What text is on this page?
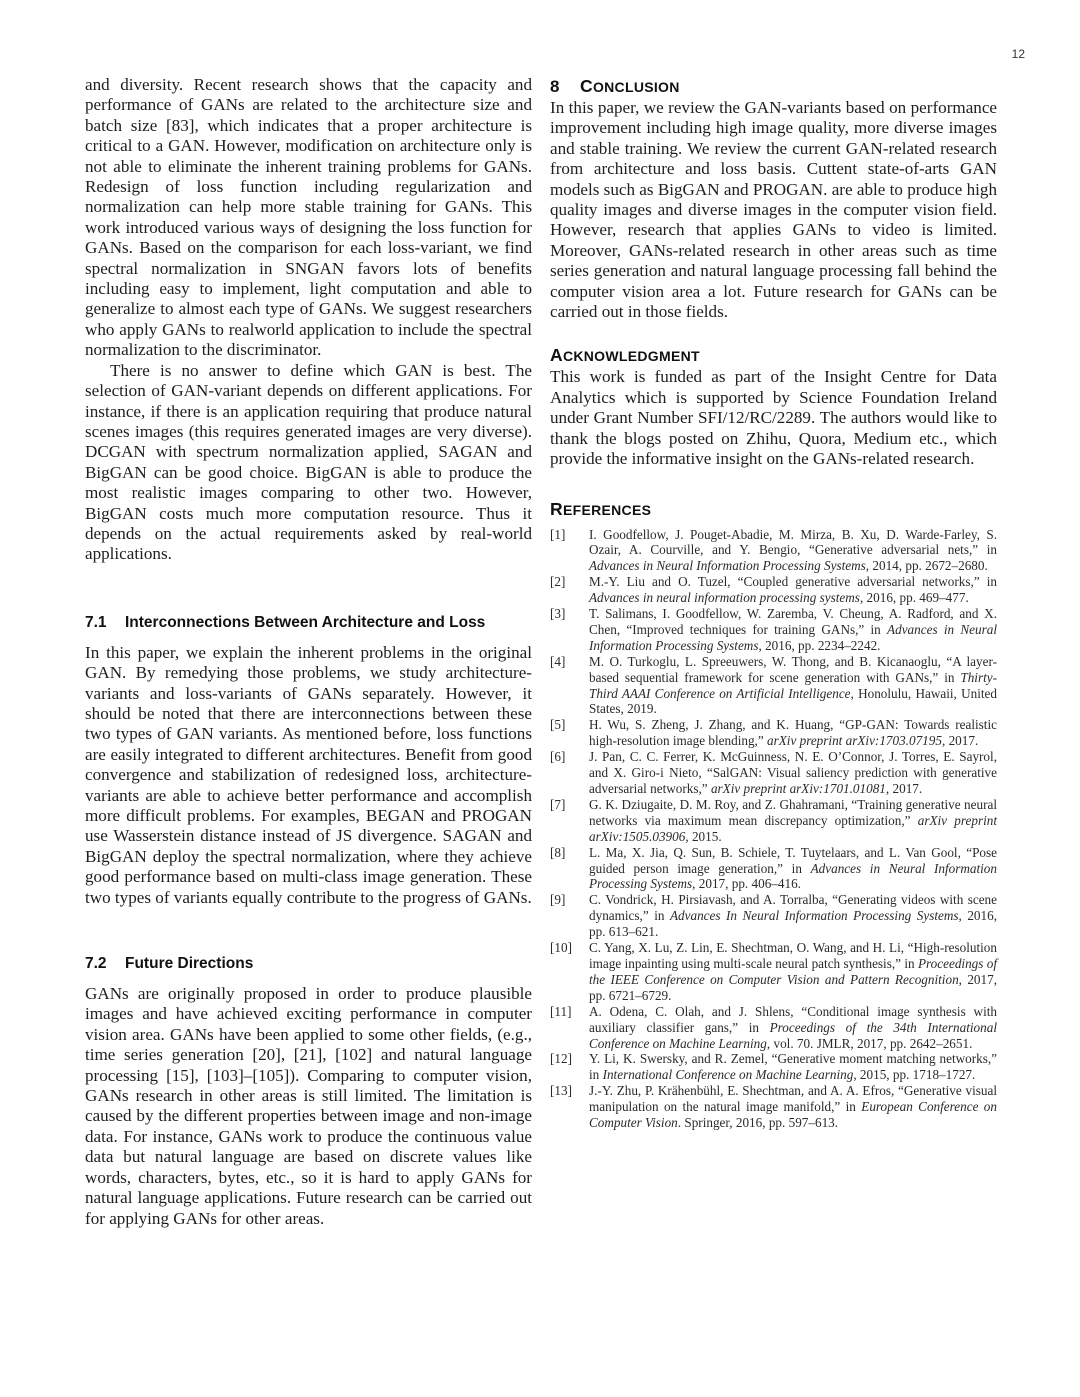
12

and diversity. Recent research shows that the capacity and performance of GANs are related to the architecture size and batch size [83], which indicates that a proper architecture is critical to a GAN. However, modification on architecture only is not able to eliminate the inherent training problems for GANs. Redesign of loss function including regularization and normalization can help more stable training for GANs. This work introduced various ways of designing the loss function for GANs. Based on the comparison for each loss-variant, we find spectral normalization in SNGAN favors lots of benefits including easy to implement, light computation and able to generalize to almost each type of GANs. We suggest researchers who apply GANs to realworld application to include the spectral normalization to the discriminator.

There is no answer to define which GAN is best. The selection of GAN-variant depends on different applications. For instance, if there is an application requiring that produce natural scenes images (this requires generated images are very diverse). DCGAN with spectrum normalization applied, SAGAN and BigGAN can be good choice. BigGAN is able to produce the most realistic images comparing to other two. However, BigGAN costs much more computation resource. Thus it depends on the actual requirements asked by real-world applications.

7.1 Interconnections Between Architecture and Loss

In this paper, we explain the inherent problems in the original GAN. By remedying those problems, we study architecture-variants and loss-variants of GANs separately. However, it should be noted that there are interconnections between these two types of GAN variants. As mentioned before, loss functions are easily integrated to different architectures. Benefit from good convergence and stabilization of redesigned loss, architecture-variants are able to achieve better performance and accomplish more difficult problems. For examples, BEGAN and PROGAN use Wasserstein distance instead of JS divergence. SAGAN and BigGAN deploy the spectral normalization, where they achieve good performance based on multi-class image generation. These two types of variants equally contribute to the progress of GANs.

7.2 Future Directions

GANs are originally proposed in order to produce plausible images and have achieved exciting performance in computer vision area. GANs have been applied to some other fields, (e.g., time series generation [20], [21], [102] and natural language processing [15], [103]–[105]). Comparing to computer vision, GANs research in other areas is still limited. The limitation is caused by the different properties between image and non-image data. For instance, GANs work to produce the continuous value data but natural language are based on discrete values like words, characters, bytes, etc., so it is hard to apply GANs for natural language applications. Future research can be carried out for applying GANs for other areas.

8 CONCLUSION

In this paper, we review the GAN-variants based on performance improvement including high image quality, more diverse images and stable training. We review the current GAN-related research from architecture and loss basis. Cuttent state-of-arts GAN models such as BigGAN and PROGAN. are able to produce high quality images and diverse images in the computer vision field. However, research that applies GANs to video is limited. Moreover, GANs-related research in other areas such as time series generation and natural language processing fall behind the computer vision area a lot. Future research for GANs can be carried out in those fields.

ACKNOWLEDGMENT

This work is funded as part of the Insight Centre for Data Analytics which is supported by Science Foundation Ireland under Grant Number SFI/12/RC/2289. The authors would like to thank the blogs posted on Zhihu, Quora, Medium etc., which provide the informative insight on the GANs-related research.

REFERENCES
[1]	I. Goodfellow, J. Pouget-Abadie, M. Mirza, B. Xu, D. Warde-Farley, S. Ozair, A. Courville, and Y. Bengio, “Generative adversarial nets,” in Advances in Neural Information Processing Systems, 2014, pp. 2672–2680.
[2]	M.-Y. Liu and O. Tuzel, “Coupled generative adversarial networks,” in Advances in neural information processing systems, 2016, pp. 469–477.
[3]	T. Salimans, I. Goodfellow, W. Zaremba, V. Cheung, A. Radford, and X. Chen, “Improved techniques for training GANs,” in Advances in Neural Information Processing Systems, 2016, pp. 2234–2242.
[4]	M. O. Turkoglu, L. Spreeuwers, W. Thong, and B. Kicanaoglu, “A layer-based sequential framework for scene generation with GANs,” in Thirty-Third AAAI Conference on Artificial Intelligence, Honolulu, Hawaii, United States, 2019.
[5]	H. Wu, S. Zheng, J. Zhang, and K. Huang, “GP-GAN: Towards realistic high-resolution image blending,” arXiv preprint arXiv:1703.07195, 2017.
[6]	J. Pan, C. C. Ferrer, K. McGuinness, N. E. O’Connor, J. Torres, E. Sayrol, and X. Giro-i Nieto, “SalGAN: Visual saliency prediction with generative adversarial networks,” arXiv preprint arXiv:1701.01081, 2017.
[7]	G. K. Dziugaite, D. M. Roy, and Z. Ghahramani, “Training generative neural networks via maximum mean discrepancy optimization,” arXiv preprint arXiv:1505.03906, 2015.
[8]	L. Ma, X. Jia, Q. Sun, B. Schiele, T. Tuytelaars, and L. Van Gool, “Pose guided person image generation,” in Advances in Neural Information Processing Systems, 2017, pp. 406–416.
[9]	C. Vondrick, H. Pirsiavash, and A. Torralba, “Generating videos with scene dynamics,” in Advances In Neural Information Processing Systems, 2016, pp. 613–621.
[10]	C. Yang, X. Lu, Z. Lin, E. Shechtman, O. Wang, and H. Li, “High-resolution image inpainting using multi-scale neural patch synthesis,” in Proceedings of the IEEE Conference on Computer Vision and Pattern Recognition, 2017, pp. 6721–6729.
[11]	A. Odena, C. Olah, and J. Shlens, “Conditional image synthesis with auxiliary classifier gans,” in Proceedings of the 34th International Conference on Machine Learning, vol. 70. JMLR, 2017, pp. 2642–2651.
[12]	Y. Li, K. Swersky, and R. Zemel, “Generative moment matching networks,” in International Conference on Machine Learning, 2015, pp. 1718–1727.
[13]	J.-Y. Zhu, P. Krähenbühl, E. Shechtman, and A. A. Efros, “Generative visual manipulation on the natural image manifold,” in European Conference on Computer Vision. Springer, 2016, pp. 597–613.
